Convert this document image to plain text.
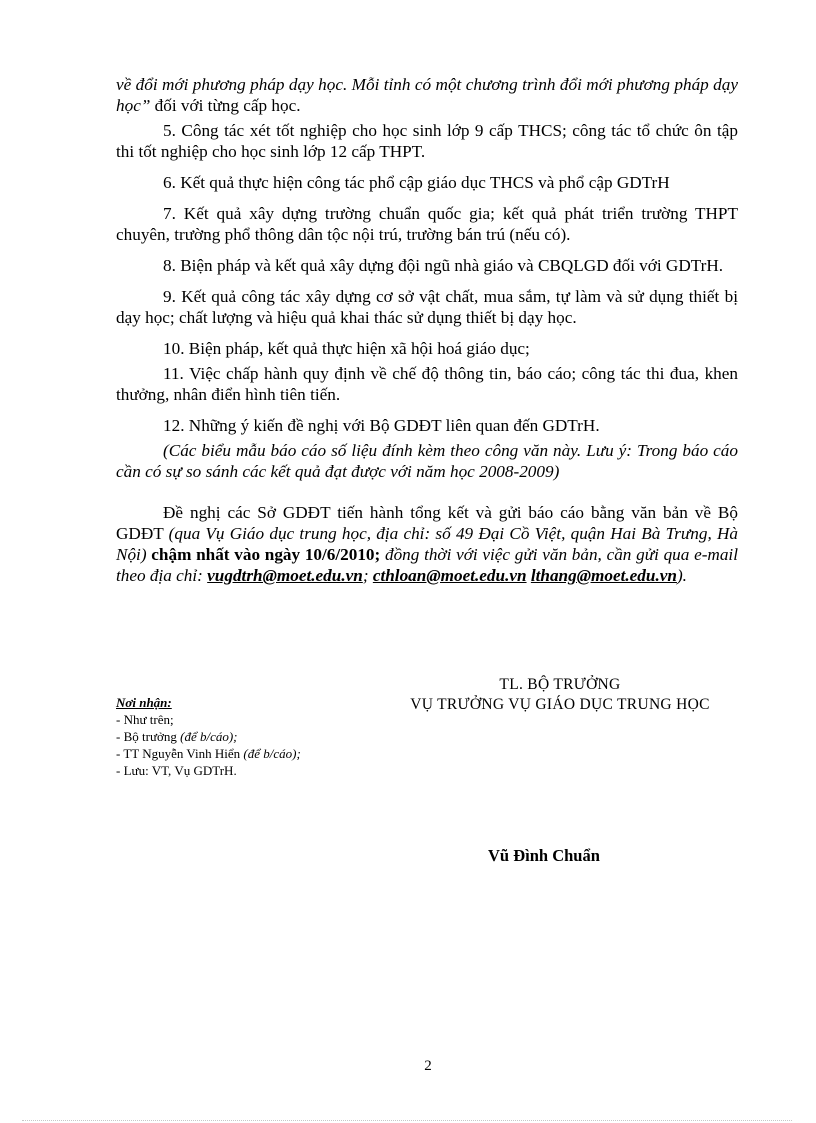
về đổi mới phương pháp dạy học. Mỗi tỉnh có một chương trình đổi mới phương pháp dạy học” đối với từng cấp học.

5. Công tác xét tốt nghiệp cho học sinh lớp 9 cấp THCS; công tác tổ chức ôn tập thi tốt nghiệp cho học sinh lớp 12 cấp THPT.

6. Kết quả thực hiện công tác phổ cập giáo dục THCS và phổ cập GDTrH

7. Kết quả xây dựng trường chuẩn quốc gia; kết quả phát triển trường THPT chuyên, trường phổ thông dân tộc nội trú, trường bán trú (nếu có).

8. Biện pháp và kết quả xây dựng đội ngũ nhà giáo và CBQLGD đối với GDTrH.

9. Kết quả công tác xây dựng cơ sở vật chất, mua sắm, tự làm và sử dụng thiết bị dạy học; chất lượng và hiệu quả khai thác sử dụng thiết bị dạy học.

10. Biện pháp, kết quả thực hiện xã hội hoá giáo dục;

11. Việc chấp hành quy định về chế độ thông tin, báo cáo; công tác thi đua, khen thưởng, nhân điển hình tiên tiến.

12. Những ý kiến đề nghị với Bộ GDĐT liên quan đến GDTrH.

(Các biểu mẫu báo cáo số liệu đính kèm theo công văn này. Lưu ý: Trong báo cáo cần có sự so sánh các kết quả đạt được với năm học 2008-2009)

Đề nghị các Sở GDĐT tiến hành tổng kết và gửi báo cáo bằng văn bản về Bộ GDĐT (qua Vụ Giáo dục trung học, địa chỉ: số 49 Đại Cồ Việt, quận Hai Bà Trưng, Hà Nội) chậm nhất vào ngày 10/6/2010; đồng thời với việc gửi văn bản, cần gửi qua e-mail theo địa chỉ: vugdtrh@moet.edu.vn; cthloan@moet.edu.vn lthang@moet.edu.vn).

TL. BỘ TRƯỞNG
VỤ TRƯỞNG VỤ GIÁO DỤC TRUNG HỌC
Nơi nhận:
- Như trên;
- Bộ trưởng (để b/cáo);
- TT Nguyễn Vinh Hiển (để b/cáo);
- Lưu: VT, Vụ GDTrH.
Vũ Đình Chuẩn
2
